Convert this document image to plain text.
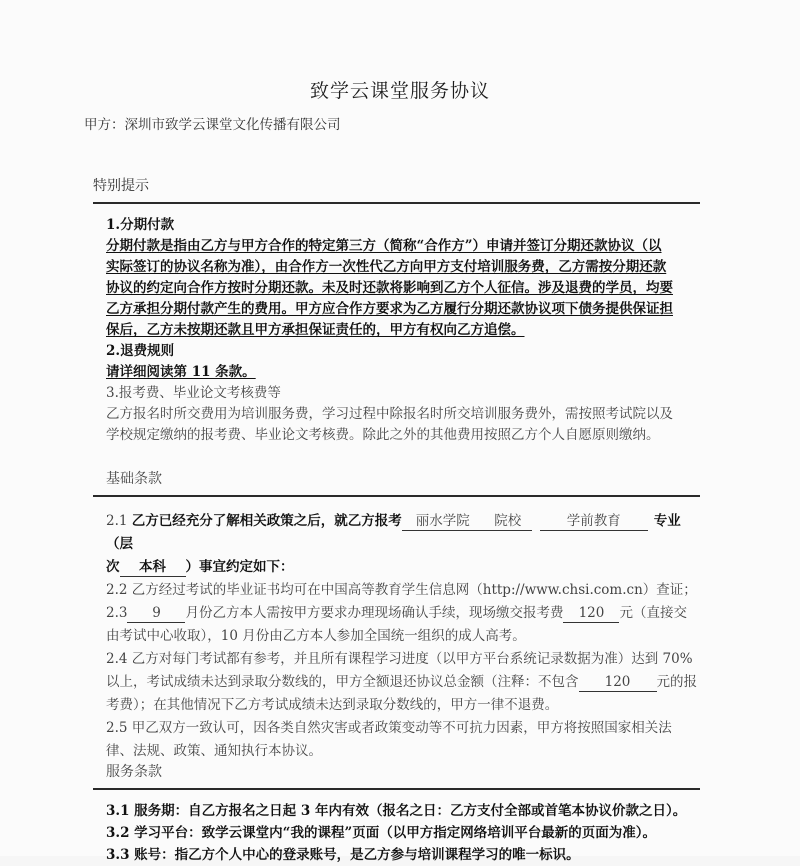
致学云课堂服务协议
甲方：深圳市致学云课堂文化传播有限公司
特别提示

1.分期付款

分期付款是指由乙方与甲方合作的特定第三方（简称“合作方”）申请并签订分期还款协议（以

实际签订的协议名称为准），由合作方一次性代乙方向甲方支付培训服务费，乙方需按分期还款

协议的约定向合作方按时分期还款。未及时还款将影响到乙方个人征信。涉及退费的学员，均要

乙方承担分期付款产生的费用。甲方应合作方要求为乙方履行分期还款协议项下债务提供保证担

保后，乙方未按期还款且甲方承担保证责任的，甲方有权向乙方追偿。

2.退费规则

请详细阅读第 11 条款。

3.报考费、毕业论文考核费等

乙方报名时所交费用为培训服务费，学习过程中除报名时所交培训服务费外，需按照考试院以及

学校规定缴纳的报考费、毕业论文考核费。除此之外的其他费用按照乙方个人自愿原则缴纳。

基础条款

2.1 乙方已经充分了解相关政策之后，就乙方报考 丽水学院 院校	学前教育 专业（层

次 本科 ）事宜约定如下：

2.2 乙方经过考试的毕业证书均可在中国高等教育学生信息网（http://www.chsi.com.cn）查证；

2.3 9 月份乙方本人需按甲方要求办理现场确认手续，现场缴交报考费 120 元（直接交

由考试中心收取），10 月份由乙方本人参加全国统一组织的成人高考。

2.4 乙方对每门考试都有参考，并且所有课程学习进度（以甲方平台系统记录数据为准）达到 70%

以上，考试成绩未达到录取分数线的，甲方全额退还协议总金额（注释：不包含 120 元的报

考费）；在其他情况下乙方考试成绩未达到录取分数线的，甲方一律不退费。

2.5 甲乙双方一致认可，因各类自然灾害或者政策变动等不可抗力因素，甲方将按照国家相关法

律、法规、政策、通知执行本协议。

服务条款

3.1 服务期：自乙方报名之日起 3 年内有效（报名之日：乙方支付全部或首笔本协议价款之日）。

3.2 学习平台：致学云课堂内“我的课程”页面（以甲方指定网络培训平台最新的页面为准）。

3.3 账号：指乙方个人中心的登录账号，是乙方参与培训课程学习的唯一标识。
